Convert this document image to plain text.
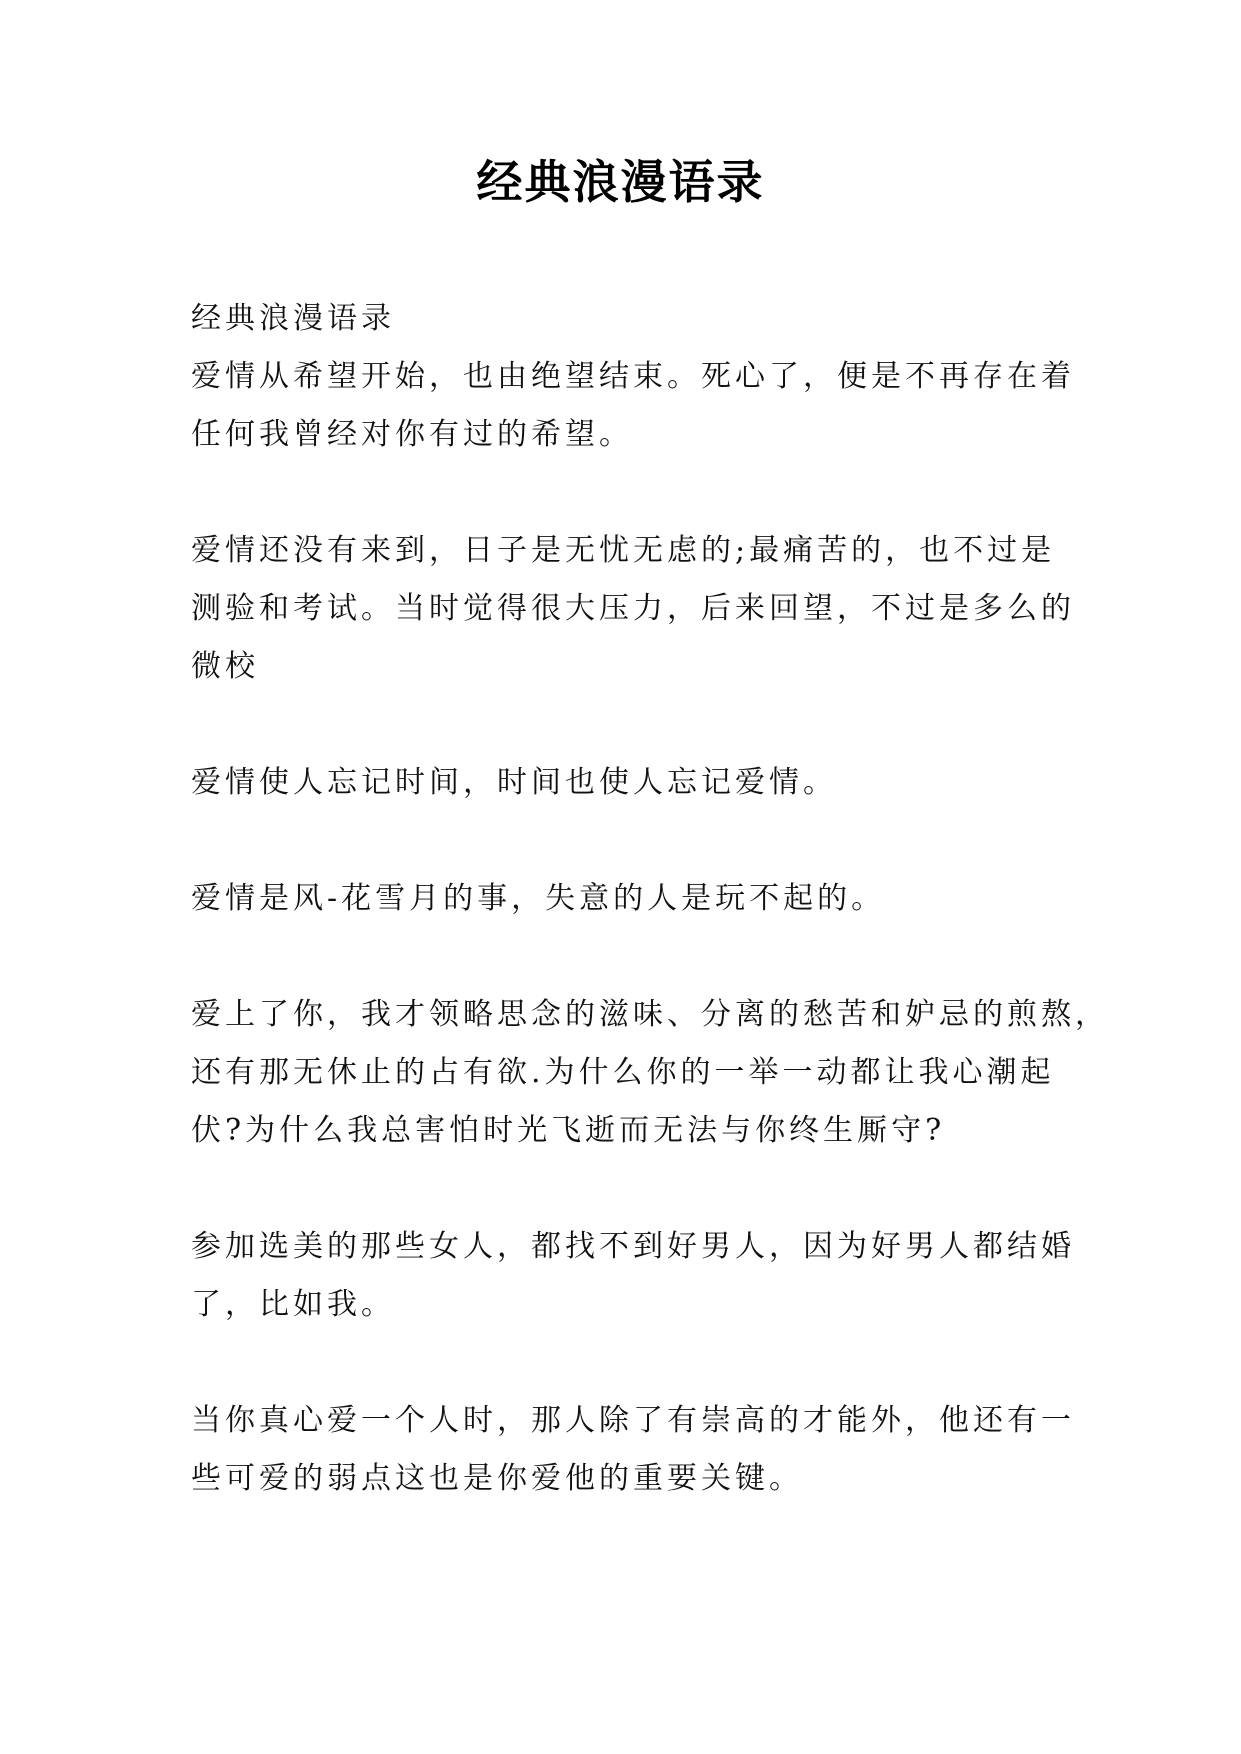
经典浪漫语录
经典浪漫语录
爱情从希望开始，也由绝望结束。死心了，便是不再存在着
任何我曾经对你有过的希望。
爱情还没有来到，日子是无忧无虑的;最痛苦的，也不过是
测验和考试。当时觉得很大压力，后来回望，不过是多么的
微校
爱情使人忘记时间，时间也使人忘记爱情。
爱情是风-花雪月的事，失意的人是玩不起的。
爱上了你，我才领略思念的滋味、分离的愁苦和妒忌的煎熬，
还有那无休止的占有欲.为什么你的一举一动都让我心潮起
伏?为什么我总害怕时光飞逝而无法与你终生厮守?
参加选美的那些女人，都找不到好男人，因为好男人都结婚
了，比如我。
当你真心爱一个人时，那人除了有崇高的才能外，他还有一
些可爱的弱点这也是你爱他的重要关键。
